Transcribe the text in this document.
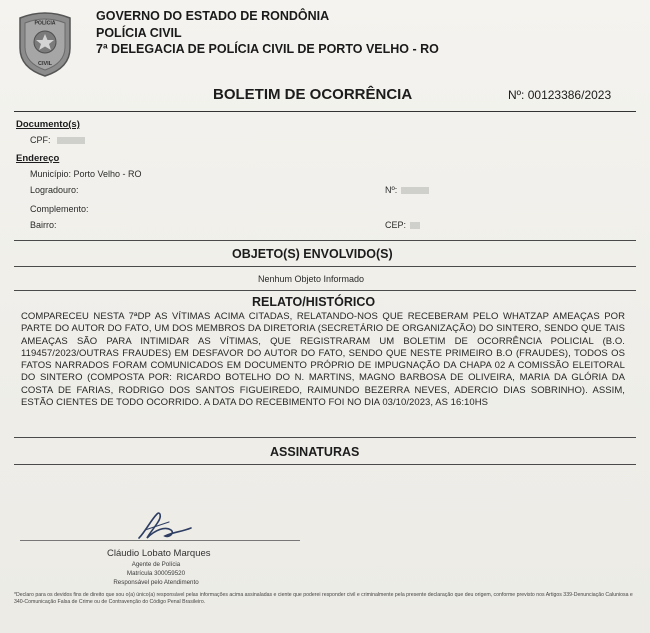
POLÍCIA
CIVIL
GOVERNO DO ESTADO DE RONDÔNIA
POLÍCIA CIVIL
7ª DELEGACIA DE POLÍCIA CIVIL DE PORTO VELHO - RO
BOLETIM DE OCORRÊNCIA	Nº: 00123386/2023
Documento(s)
CPF:
Endereço
Município: Porto Velho - RO
Logradouro:	Nº:
Complemento:
Bairro:	CEP:
OBJETO(S) ENVOLVIDO(S)
Nenhum Objeto Informado
RELATO/HISTÓRICO
COMPARECEU NESTA 7ªDP AS VÍTIMAS ACIMA CITADAS, RELATANDO-NOS QUE RECEBERAM PELO WHATZAP AMEAÇAS POR PARTE DO AUTOR DO FATO, UM DOS MEMBROS DA DIRETORIA (SECRETÁRIO DE ORGANIZAÇÃO) DO SINTERO, SENDO QUE TAIS AMEAÇAS SÃO PARA INTIMIDAR AS VÍTIMAS, QUE REGISTRARAM UM BOLETIM DE OCORRÊNCIA POLICIAL (B.O. 119457/2023/OUTRAS FRAUDES) EM DESFAVOR DO AUTOR DO FATO, SENDO QUE NESTE PRIMEIRO B.O (FRAUDES), TODOS OS FATOS NARRADOS FORAM COMUNICADOS EM DOCUMENTO PRÓPRIO DE IMPUGNAÇÃO DA CHAPA 02 A COMISSÃO ELEITORAL DO SINTERO (COMPOSTA POR: RICARDO BOTELHO DO N. MARTINS, MAGNO BARBOSA DE OLIVEIRA, MARIA DA GLÓRIA DA COSTA DE FARIAS, RODRIGO DOS SANTOS FIGUEIREDO, RAIMUNDO BEZERRA NEVES, ADERCIO DIAS SOBRINHO). ASSIM, ESTÃO CIENTES DE TODO OCORRIDO. A DATA DO RECEBIMENTO FOI NO DIA 03/10/2023, AS 16:10HS
ASSINATURAS
Cláudio Lobato Marques
Agente de Polícia
Matrícula 300059520
Responsável pelo Atendimento
*Declaro para os devidos fins de direito que sou o(a) único(a) responsável pelas informações acima assinaladas e ciente que poderei responder civil e criminalmente pela presente declaração que deu origem, conforme previsto nos Artigos 339-Denunciação Caluniosa e 340-Comunicação Falsa de Crime ou de Contravenção do Código Penal Brasileiro.
